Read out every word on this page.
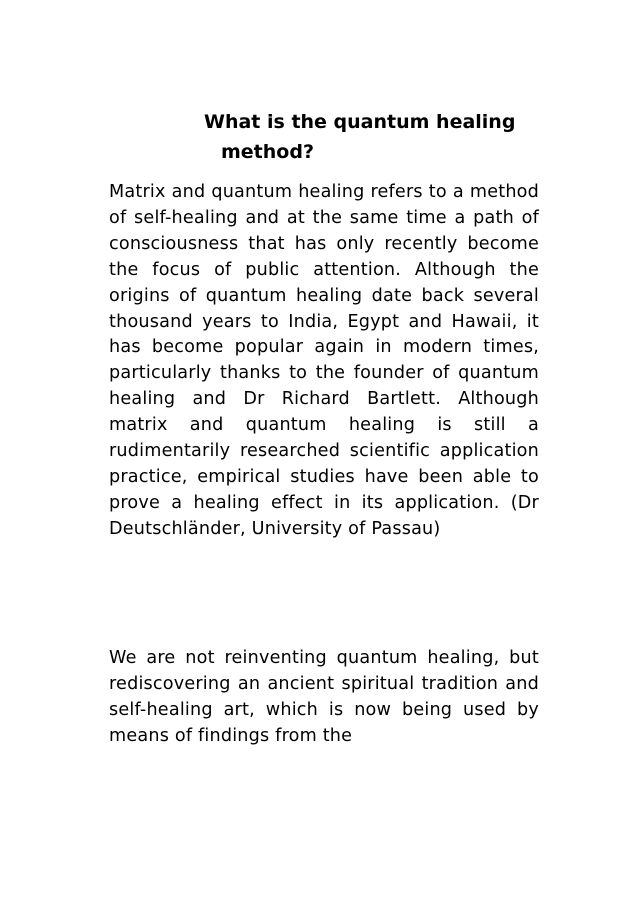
What is the quantum healing
method?

Matrix and quantum healing refers to a method of self-healing and at the same time a path of consciousness that has only recently become the focus of public attention. Although the origins of quantum healing date back several thousand years to India, Egypt and Hawaii, it has become popular again in modern times, particularly thanks to the founder of quantum healing and Dr Richard Bartlett. Although matrix and quantum healing is still a rudimentarily researched scientific application practice, empirical studies have been able to prove a healing effect in its application. (Dr Deutschländer, University of Passau)

We are not reinventing quantum healing, but rediscovering an ancient spiritual tradition and self-healing art, which is now being used by means of findings from the
